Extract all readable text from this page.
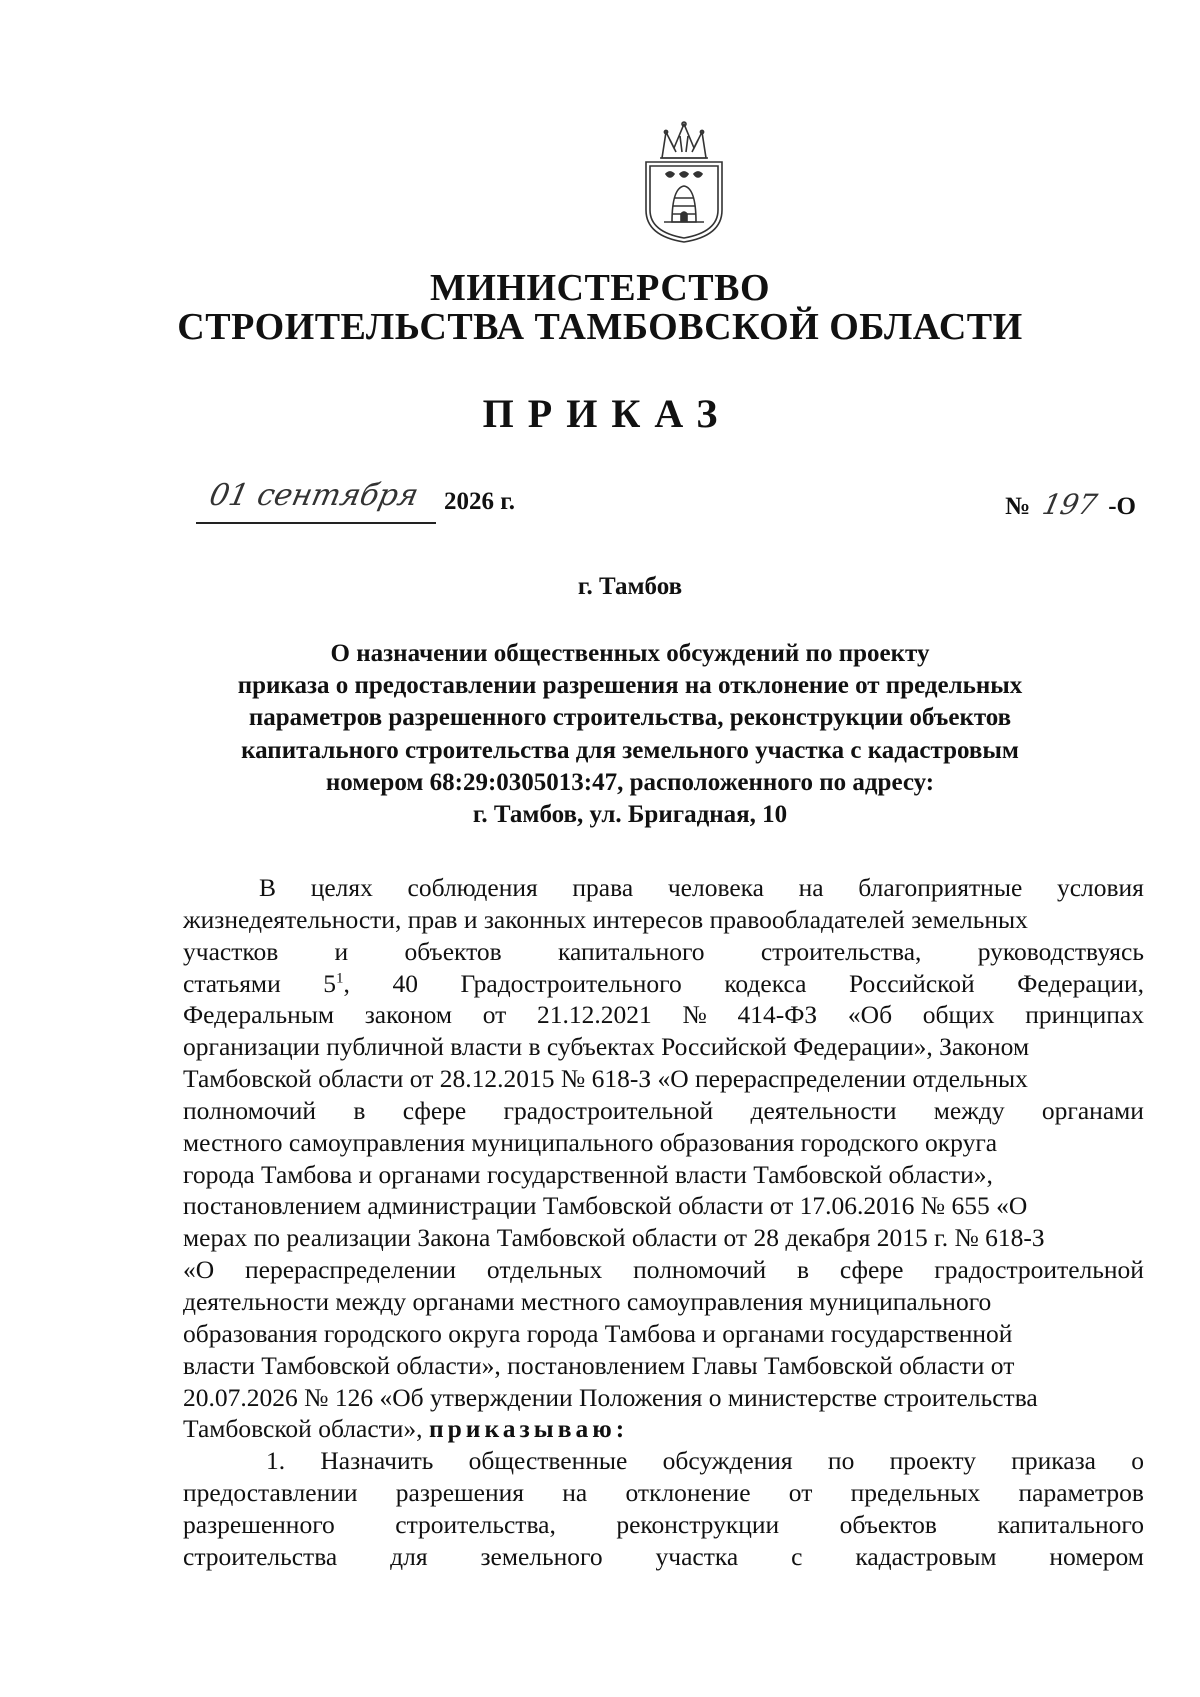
МИНИСТЕРСТВО
СТРОИТЕЛЬСТВА ТАМБОВСКОЙ ОБЛАСТИ
ПРИКАЗ
01 сентября 2026 г.	№ 197 -О
г. Тамбов
О назначении общественных обсуждений по проекту
приказа о предоставлении разрешения на отклонение от предельных
параметров разрешенного строительства, реконструкции объектов
капитального строительства для земельного участка с кадастровым
номером 68:29:0305013:47, расположенного по адресу:
г. Тамбов, ул. Бригадная, 10
В целях соблюдения права человека на благоприятные условия
жизнедеятельности, прав и законных интересов правообладателей земельных
участков и объектов капитального строительства, руководствуясь
статьями $5^1$, 40 Градостроительного кодекса Российской Федерации,
Федеральным законом от 21.12.2021 № 414-ФЗ «Об общих принципах
организации публичной власти в субъектах Российской Федерации», Законом
Тамбовской области от 28.12.2015 № 618-З «О перераспределении отдельных
полномочий в сфере градостроительной деятельности между органами
местного самоуправления муниципального образования городского округа
города Тамбова и органами государственной власти Тамбовской области»,
постановлением администрации Тамбовской области от 17.06.2016 № 655 «О
мерах по реализации Закона Тамбовской области от 28 декабря 2015 г. № 618-З
«О перераспределении отдельных полномочий в сфере градостроительной
деятельности между органами местного самоуправления муниципального
образования городского округа города Тамбова и органами государственной
власти Тамбовской области», постановлением Главы Тамбовской области от
20.07.2026 № 126 «Об утверждении Положения о министерстве строительства
Тамбовской области», приказываю:
1. Назначить общественные обсуждения по проекту приказа о
предоставлении разрешения на отклонение от предельных параметров
разрешенного строительства, реконструкции объектов капитального
строительства для земельного участка с кадастровым номером
